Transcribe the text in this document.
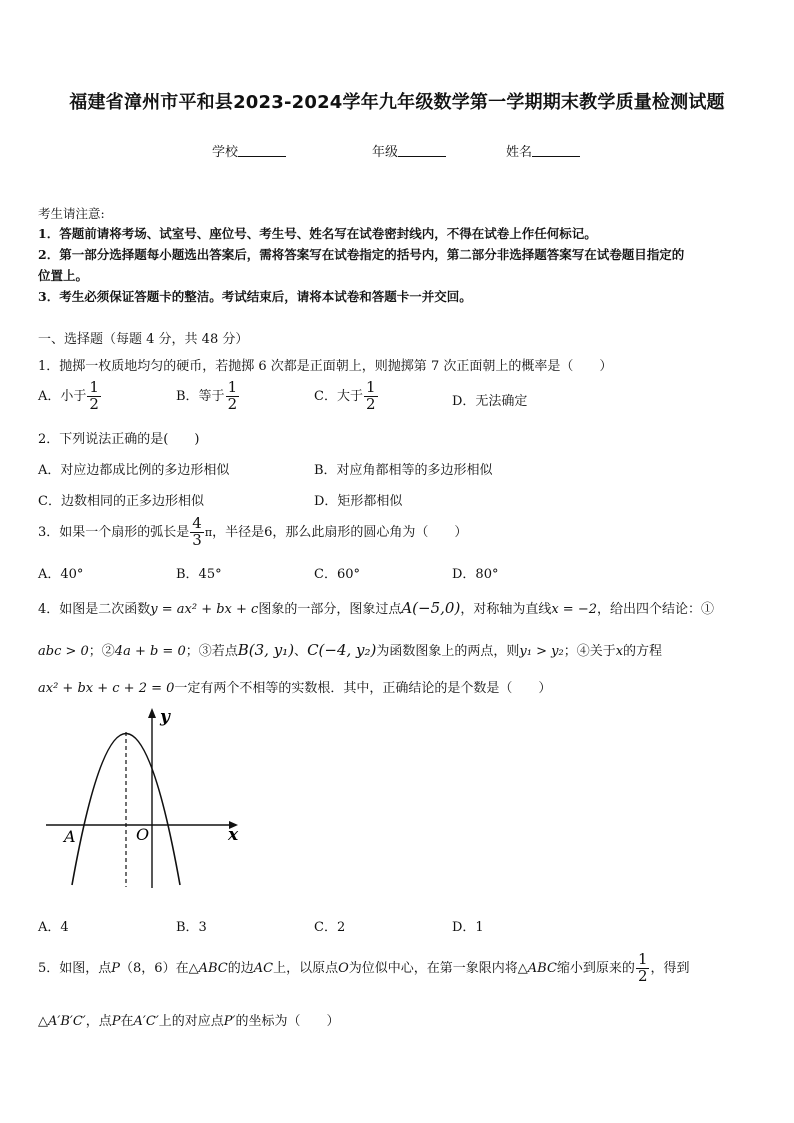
福建省漳州市平和县2023-2024学年九年级数学第一学期期末教学质量检测试题
学校	年级	姓名
考生请注意:
1．答题前请将考场、试室号、座位号、考生号、姓名写在试卷密封线内，不得在试卷上作任何标记。
2．第一部分选择题每小题选出答案后，需将答案写在试卷指定的括号内，第二部分非选择题答案写在试卷题目指定的
位置上。
3．考生必须保证答题卡的整洁。考试结束后，请将本试卷和答题卡一并交回。
一、选择题（每题 4 分，共 48 分）
1．抛掷一枚质地均匀的硬币，若抛掷 6 次都是正面朝上，则抛掷第 7 次正面朝上的概率是（　　）
A．小于 $\frac{1}{2}$	B．等于 $\frac{1}{2}$	C．大于 $\frac{1}{2}$	D．无法确定
2．下列说法正确的是(　　)
A．对应边都成比例的多边形相似	B．对应角都相等的多边形相似
C．边数相同的正多边形相似	D．矩形都相似
3．如果一个扇形的弧长是 $\frac{4}{3}$ π，半径是6，那么此扇形的圆心角为（　　）
A．40°	B．45°	C．60°	D．80°
4．如图是二次函数y = ax² + bx + c图象的一部分，图象过点A(−5,0)，对称轴为直线x = −2，给出四个结论：①
abc > 0；②4a + b = 0；③若点B(3, y₁)、C(−4, y₂)为函数图象上的两点，则y₁ > y₂；④关于x的方程
ax² + bx + c + 2 = 0一定有两个不相等的实数根．其中，正确结论的是个数是（　　）
y
x
A	O
A．4	B．3	C．2	D．1
5．如图，点P（8，6）在△ABC的边AC上，以原点O为位似中心，在第一象限内将△ABC缩小到原来的 $\frac{1}{2}$ ，得到
△A′B′C′，点P在A′C′上的对应点P′的坐标为（　　）
